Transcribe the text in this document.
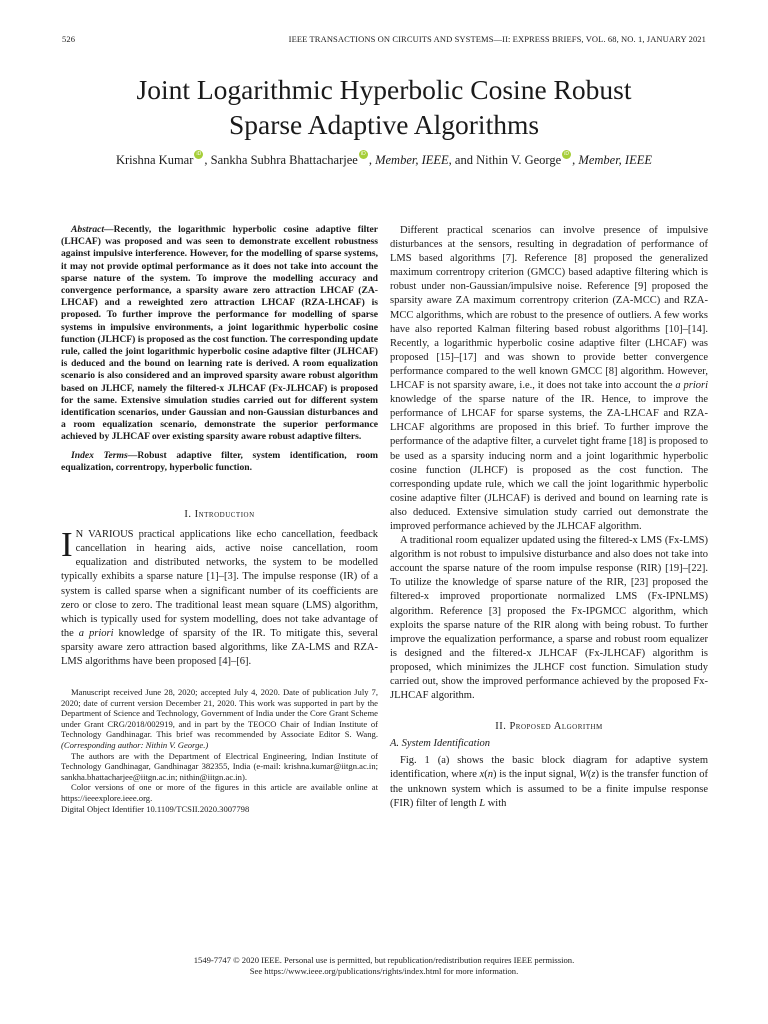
526	IEEE TRANSACTIONS ON CIRCUITS AND SYSTEMS—II: EXPRESS BRIEFS, VOL. 68, NO. 1, JANUARY 2021
Joint Logarithmic Hyperbolic Cosine Robust
Sparse Adaptive Algorithms
Krishna Kumar iD , Sankha Subhra Bhattacharjee iD , Member, IEEE, and Nithin V. George iD , Member, IEEE

Abstract—Recently, the logarithmic hyperbolic cosine adaptive filter (LHCAF) was proposed and was seen to demonstrate excellent robustness against impulsive interference. However, for the modelling of sparse systems, it may not provide optimal performance as it does not take into account the sparse nature of the system. To improve the modelling accuracy and convergence performance, a sparsity aware zero attraction LHCAF (ZA-LHCAF) and a reweighted zero attraction LHCAF (RZA-LHCAF) is proposed. To further improve the performance for modelling of sparse systems in impulsive environments, a joint logarithmic hyperbolic cosine function (JLHCF) is proposed as the cost function. The corresponding update rule, called the joint logarithmic hyperbolic cosine adaptive filter (JLHCAF) is deduced and the bound on learning rate is derived. A room equalization scenario is also considered and an improved sparsity aware robust algorithm based on JLHCF, namely the filtered-x JLHCAF (Fx-JLHCAF) is proposed for the same. Extensive simulation studies carried out for different system identification scenarios, under Gaussian and non-Gaussian disturbances and a room equalization scenario, demonstrate the superior performance achieved by JLHCAF over existing sparsity aware robust adaptive filters.

Index Terms—Robust adaptive filter, system identification, room equalization, correntropy, hyperbolic function.

I. Introduction

I N VARIOUS practical applications like echo cancellation, feedback cancellation in hearing aids, active noise cancellation, room equalization and distributed networks, the system to be modelled typically exhibits a sparse nature [1]–[3]. The impulse response (IR) of a system is called sparse when a significant number of its coefficients are zero or close to zero. The traditional least mean square (LMS) algorithm, which is typically used for system modelling, does not take advantage of the a priori knowledge of sparsity of the IR. To mitigate this, several sparsity aware zero attraction based algorithms, like ZA-LMS and RZA-LMS algorithms have been proposed [4]–[6].

Manuscript received June 28, 2020; accepted July 4, 2020. Date of publication July 7, 2020; date of current version December 21, 2020. This work was supported in part by the Department of Science and Technology, Government of India under the Core Grant Scheme under Grant CRG/2018/002919, and in part by the TEOCO Chair of Indian Institute of Technology Gandhinagar. This brief was recommended by Associate Editor S. Wang. (Corresponding author: Nithin V. George.)

The authors are with the Department of Electrical Engineering, Indian Institute of Technology Gandhinagar, Gandhinagar 382355, India (e-mail: krishna.kumar@iitgn.ac.in; sankha.bhattacharjee@iitgn.ac.in; nithin@iitgn.ac.in).

Color versions of one or more of the figures in this article are available online at https://ieeexplore.ieee.org.

Digital Object Identifier 10.1109/TCSII.2020.3007798

Different practical scenarios can involve presence of impulsive disturbances at the sensors, resulting in degradation of performance of LMS based algorithms [7]. Reference [8] proposed the generalized maximum correntropy criterion (GMCC) based adaptive filtering which is robust under non-Gaussian/impulsive noise. Reference [9] proposed the sparsity aware ZA maximum correntropy criterion (ZA-MCC) and RZA-MCC algorithms, which are robust to the presence of outliers. A few works have also reported Kalman filtering based robust algorithms [10]–[14]. Recently, a logarithmic hyperbolic cosine adaptive filter (LHCAF) was proposed [15]–[17] and was shown to provide better convergence performance compared to the well known GMCC [8] algorithm. However, LHCAF is not sparsity aware, i.e., it does not take into account the a priori knowledge of the sparse nature of the IR. Hence, to improve the performance of LHCAF for sparse systems, the ZA-LHCAF and RZA-LHCAF algorithms are proposed in this brief. To further improve the performance of the adaptive filter, a curvelet tight frame [18] is proposed to be used as a sparsity inducing norm and a joint logarithmic hyperbolic cosine function (JLHCF) is proposed as the cost function. The corresponding update rule, which we call the joint logarithmic hyperbolic cosine adaptive filter (JLHCAF) is derived and bound on learning rate is also deduced. Extensive simulation study carried out demonstrate the improved performance achieved by the JLHCAF algorithm.

A traditional room equalizer updated using the filtered-x LMS (Fx-LMS) algorithm is not robust to impulsive disturbance and also does not take into account the sparse nature of the room impulse response (RIR) [19]–[22]. To utilize the knowledge of sparse nature of the RIR, [23] proposed the filtered-x improved proportionate normalized LMS (Fx-IPNLMS) algorithm. Reference [3] proposed the Fx-IPGMCC algorithm, which exploits the sparse nature of the RIR along with being robust. To further improve the equalization performance, a sparse and robust room equalizer is designed and the filtered-x JLHCAF (Fx-JLHCAF) algorithm is proposed, which minimizes the JLHCF cost function. Simulation study carried out, show the improved performance achieved by the proposed Fx-JLHCAF algorithm.

II. Proposed Algorithm
A. System Identification

Fig. 1 (a) shows the basic block diagram for adaptive system identification, where x(n) is the input signal, W(z) is the transfer function of the unknown system which is assumed to be a finite impulse response (FIR) filter of length L with

1549-7747 © 2020 IEEE. Personal use is permitted, but republication/redistribution requires IEEE permission.
See https://www.ieee.org/publications/rights/index.html for more information.
